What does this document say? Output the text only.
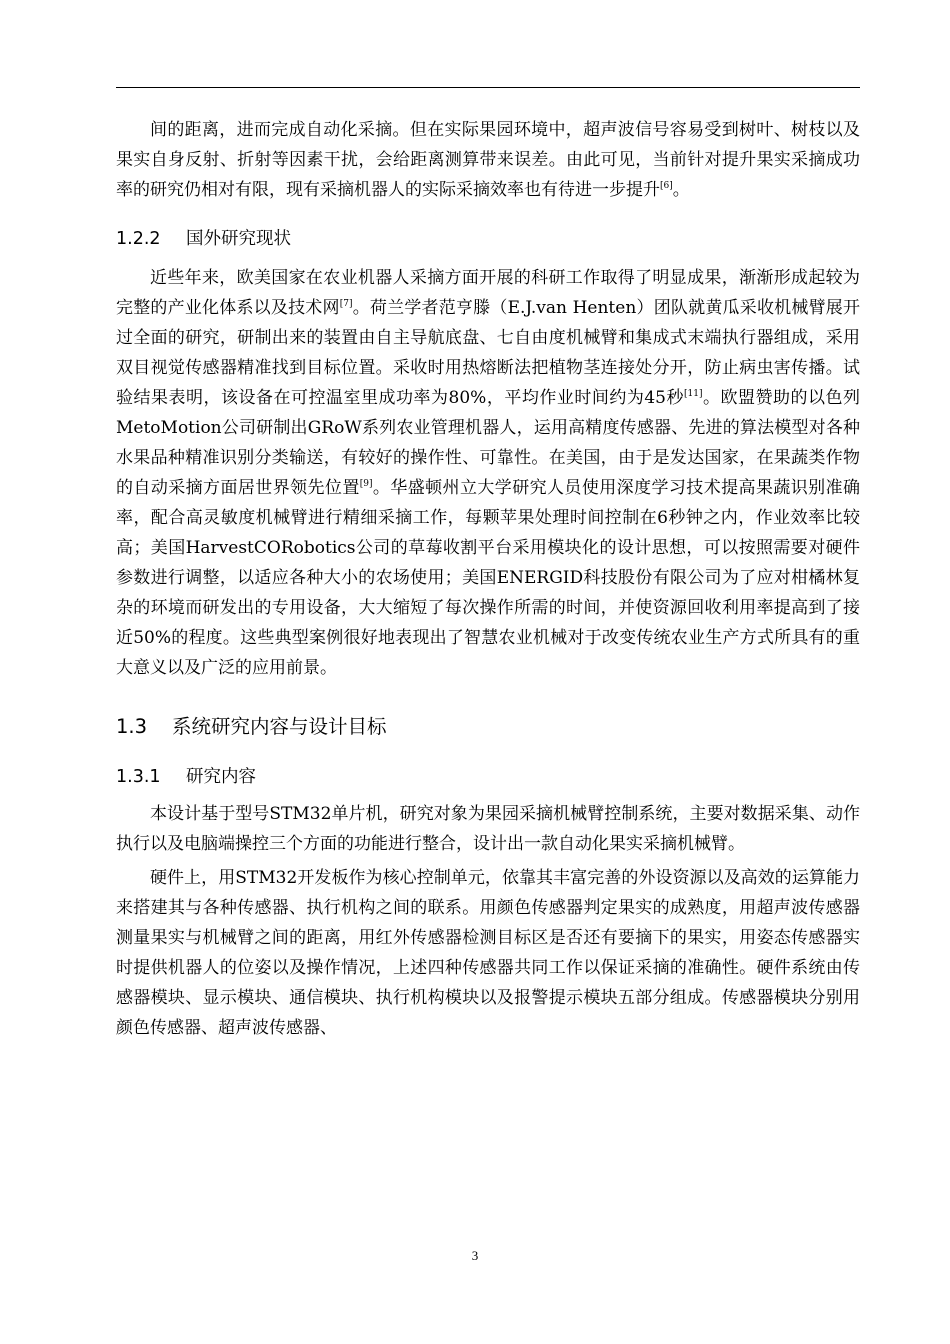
间的距离，进而完成自动化采摘。但在实际果园环境中，超声波信号容易受到树叶、树枝以及果实自身反射、折射等因素干扰，会给距离测算带来误差。由此可见，当前针对提升果实采摘成功率的研究仍相对有限，现有采摘机器人的实际采摘效率也有待进一步提升[6]。

1.2.2 国外研究现状

近些年来，欧美国家在农业机器人采摘方面开展的科研工作取得了明显成果，渐渐形成起较为完整的产业化体系以及技术网[7]。荷兰学者范亨滕（E.J.van Henten）团队就黄瓜采收机械臂展开过全面的研究，研制出来的装置由自主导航底盘、七自由度机械臂和集成式末端执行器组成，采用双目视觉传感器精准找到目标位置。采收时用热熔断法把植物茎连接处分开，防止病虫害传播。试验结果表明，该设备在可控温室里成功率为80%，平均作业时间约为45秒[11]。欧盟赞助的以色列MetoMotion公司研制出GRoW系列农业管理机器人，运用高精度传感器、先进的算法模型对各种水果品种精准识别分类输送，有较好的操作性、可靠性。在美国，由于是发达国家，在果蔬类作物的自动采摘方面居世界领先位置[9]。华盛顿州立大学研究人员使用深度学习技术提高果蔬识别准确率，配合高灵敏度机械臂进行精细采摘工作，每颗苹果处理时间控制在6秒钟之内，作业效率比较高；美国HarvestCORobotics公司的草莓收割平台采用模块化的设计思想，可以按照需要对硬件参数进行调整，以适应各种大小的农场使用；美国ENERGID科技股份有限公司为了应对柑橘林复杂的环境而研发出的专用设备，大大缩短了每次操作所需的时间，并使资源回收利用率提高到了接近50%的程度。这些典型案例很好地表现出了智慧农业机械对于改变传统农业生产方式所具有的重大意义以及广泛的应用前景。

1.3 系统研究内容与设计目标
1.3.1 研究内容

本设计基于型号STM32单片机，研究对象为果园采摘机械臂控制系统，主要对数据采集、动作执行以及电脑端操控三个方面的功能进行整合，设计出一款自动化果实采摘机械臂。

硬件上，用STM32开发板作为核心控制单元，依靠其丰富完善的外设资源以及高效的运算能力来搭建其与各种传感器、执行机构之间的联系。用颜色传感器判定果实的成熟度，用超声波传感器测量果实与机械臂之间的距离，用红外传感器检测目标区是否还有要摘下的果实，用姿态传感器实时提供机器人的位姿以及操作情况，上述四种传感器共同工作以保证采摘的准确性。硬件系统由传感器模块、显示模块、通信模块、执行机构模块以及报警提示模块五部分组成。传感器模块分别用颜色传感器、超声波传感器、

3
